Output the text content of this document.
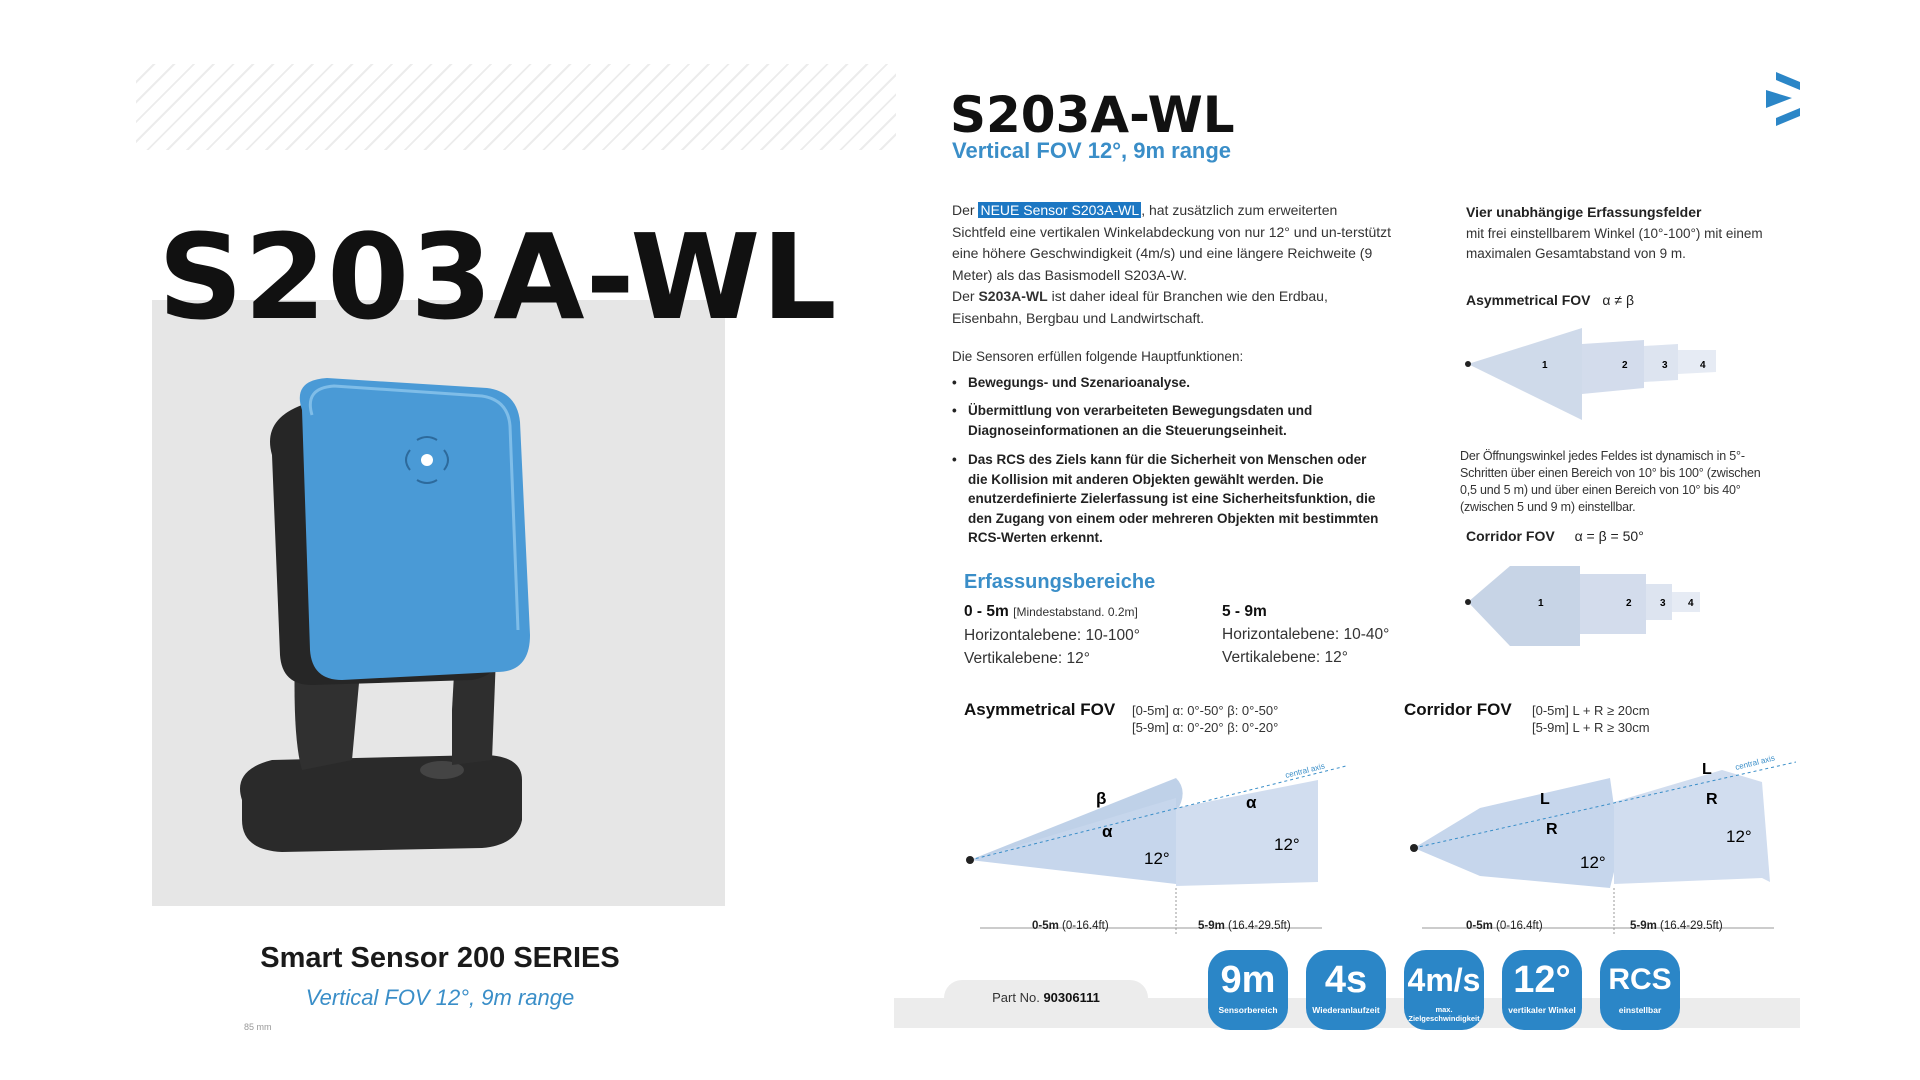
S203A-WL
Smart Sensor 200 SERIES
Vertical FOV 12°, 9m range
85 mm
S203A-WL
Vertical FOV 12°, 9m range
Der NEUE Sensor S203A-WL , hat zusätzlich zum erweiterten Sichtfeld eine vertikalen Winkelabdeckung von nur 12° und un-terstützt eine höhere Geschwindigkeit (4m/s) und eine längere Reichweite (9 Meter) als das Basismodell S203A-W.
Der S203A-WL ist daher ideal für Branchen wie den Erdbau, Eisenbahn, Bergbau und Landwirtschaft.
Die Sensoren erfüllen folgende Hauptfunktionen:
• Bewegungs- und Szenarioanalyse.
• Übermittlung von verarbeiteten Bewegungsdaten und Diagnoseinformationen an die Steuerungseinheit.
• Das RCS des Ziels kann für die Sicherheit von Menschen oder die Kollision mit anderen Objekten gewählt werden. Die enutzerdefinierte Zielerfassung ist eine Sicherheitsfunktion, die den Zugang von einem oder mehreren Objekten mit bestimmten RCS-Werten erkennt.
Erfassungsbereiche
0 - 5m [Mindestabstand. 0.2m]
Horizontalebene: 10-100°
Vertikalebene: 12°
5 - 9m
Horizontalebene: 10-40°
Vertikalebene: 12°
Vier unabhängige Erfassungsfelder
mit frei einstellbarem Winkel (10°-100°) mit einem maximalen Gesamtabstand von 9 m.
Asymmetrical FOV α ≠ β
1	2	3	4
Der Öffnungswinkel jedes Feldes ist dynamisch in 5°-Schritten über einen Bereich von 10° bis 100° (zwischen 0,5 und 5 m) und über einen Bereich von 10° bis 40° (zwischen 5 und 9 m) einstellbar.
Corridor FOV α = β = 50°
1	2	3 4
Asymmetrical FOV [0-5m] α: 0°-50° β: 0°-50°
[5-9m] α: 0°-20° β: 0°-20°
β
α
α
12°
12°
central axis
0-5m (0-16.4ft)	5-9m (16.4-29.5ft)
Corridor FOV [0-5m] L + R ≥ 20cm
[5-9m] L + R ≥ 30cm
L
R
L
R
12°
12°
central axis
0-5m (0-16.4ft)	5-9m (16.4-29.5ft)
Part No. 90306111	9m
Sensorbereich
4s
Wiederanlaufzeit
4m/s
max. Zielgeschwindigkeit
12°
vertikaler Winkel
RCS
einstellbar
